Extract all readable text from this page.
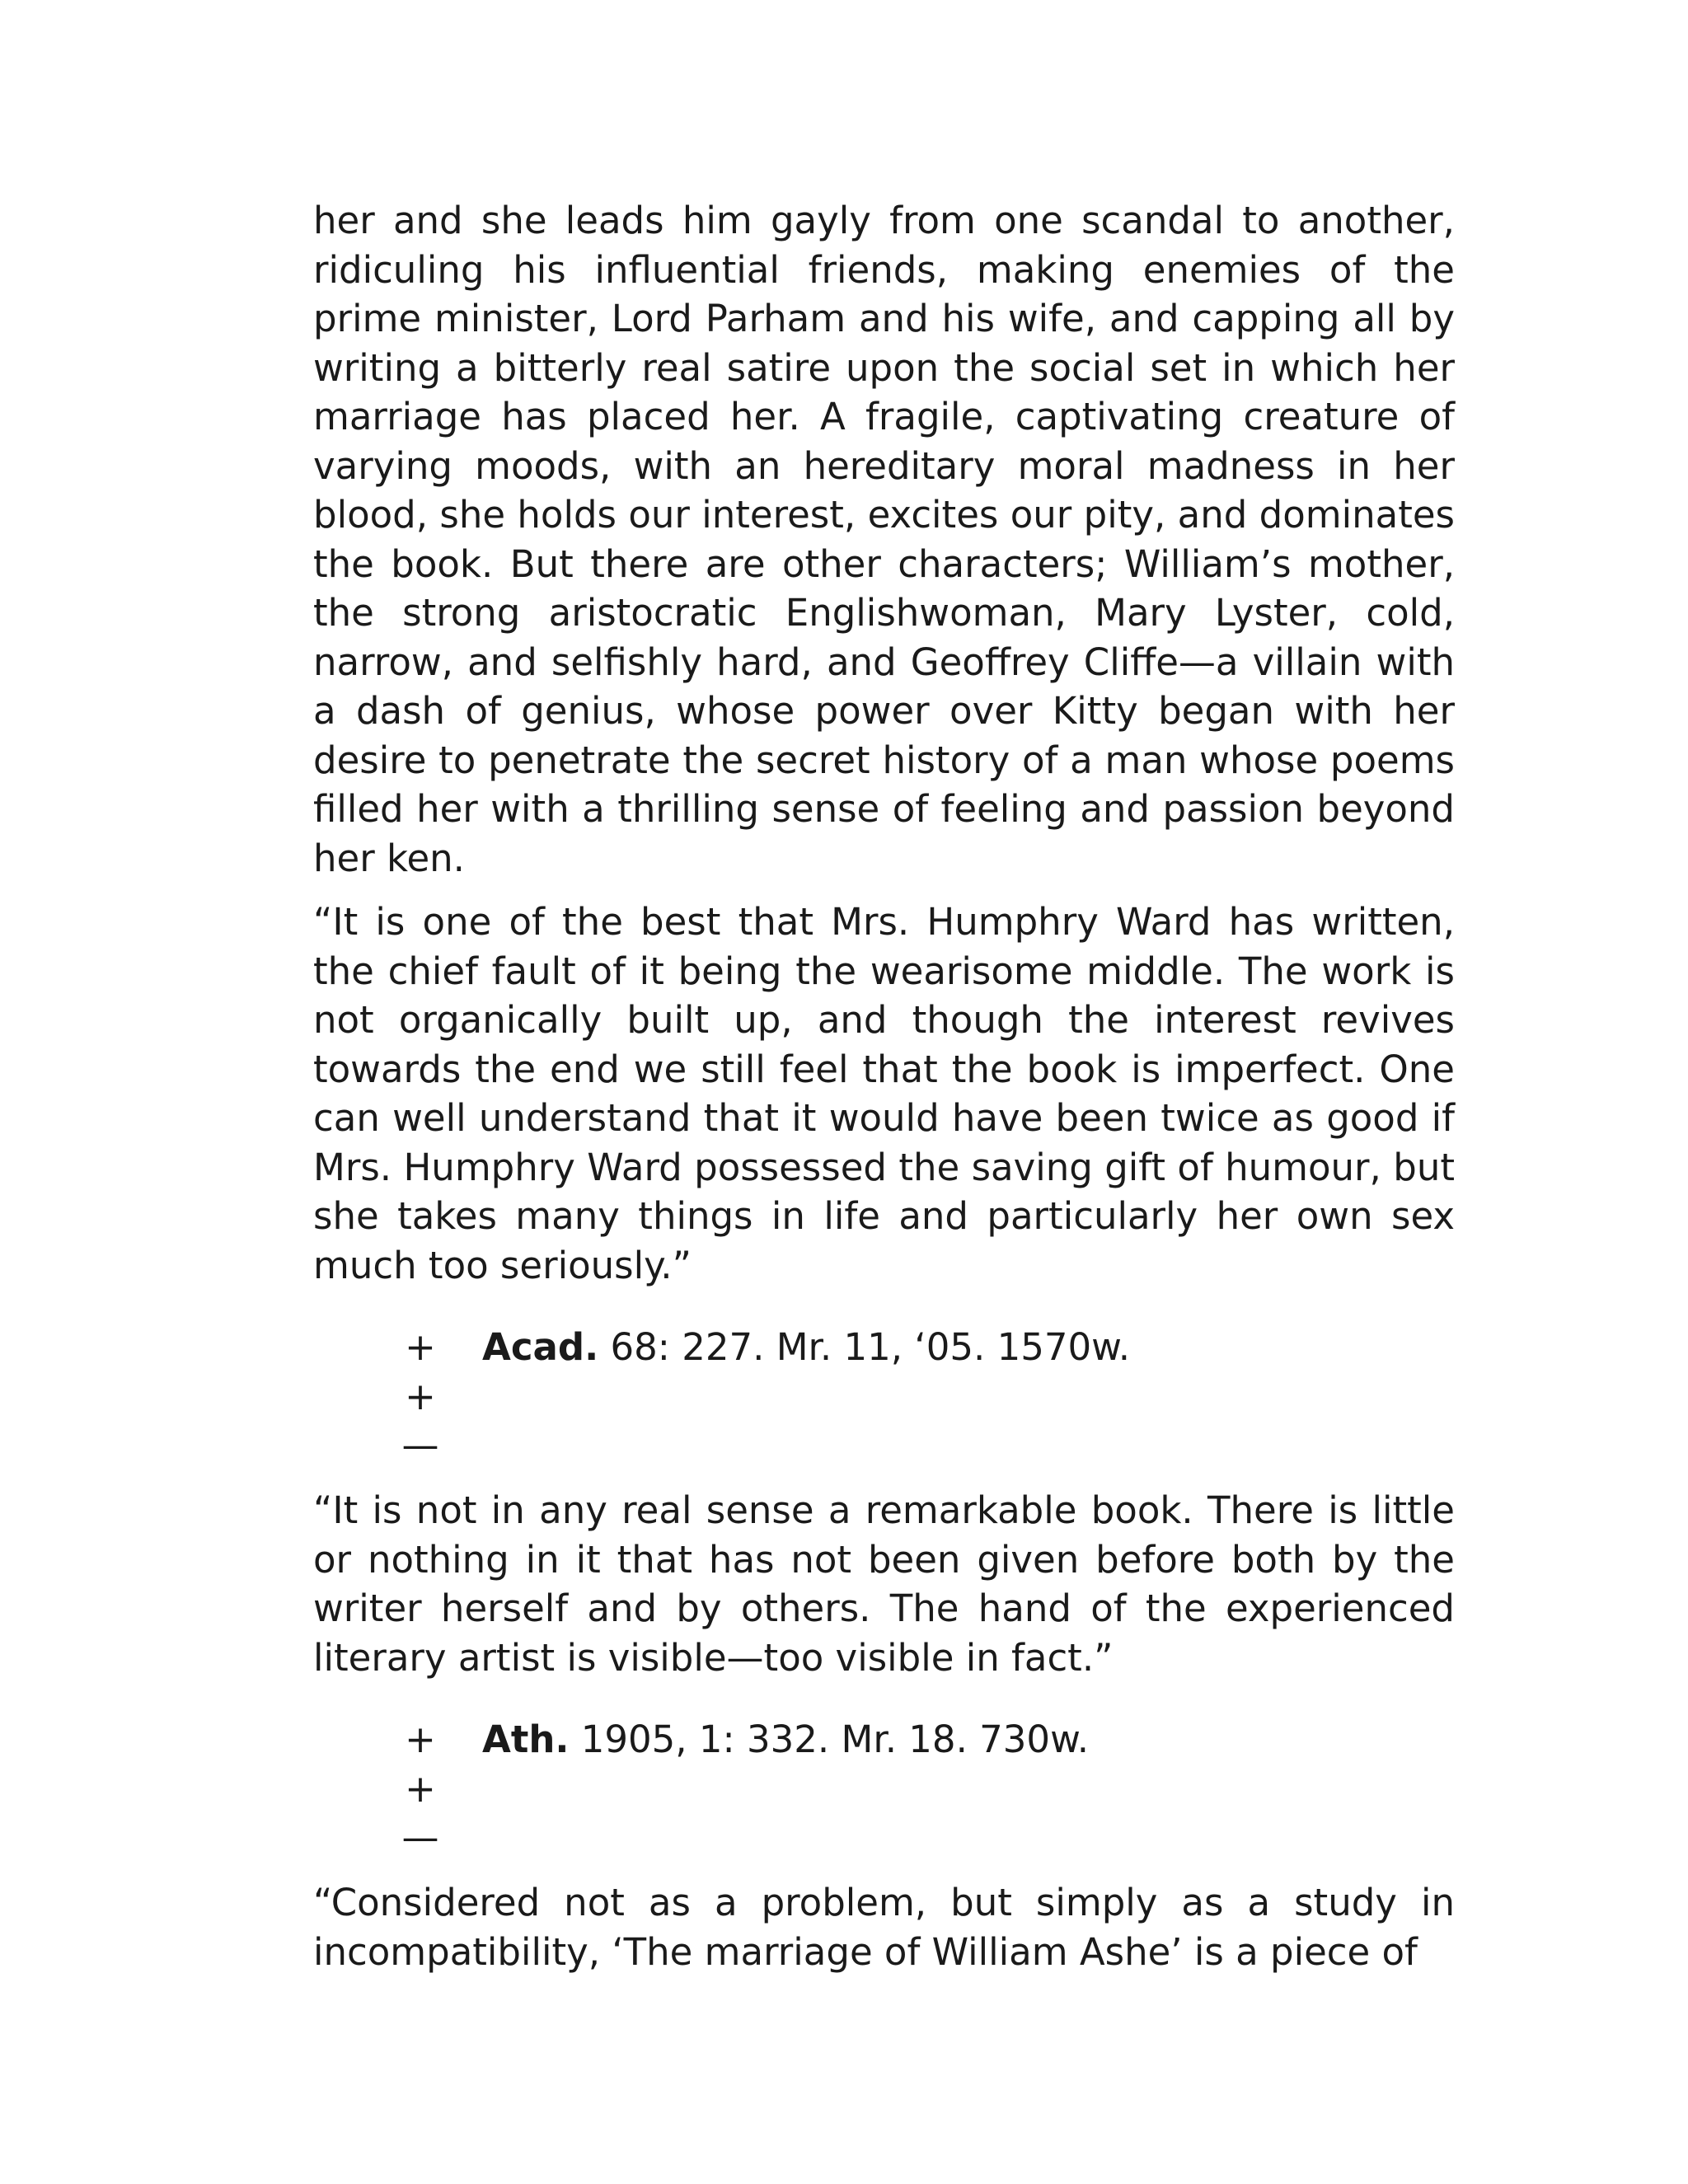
her and she leads him gayly from one scandal to another, ridiculing his influential friends, making enemies of the prime minister, Lord Parham and his wife, and capping all by writing a bitterly real satire upon the social set in which her marriage has placed her. A fragile, captivating creature of varying moods, with an hereditary moral madness in her blood, she holds our interest, excites our pity, and dominates the book. But there are other characters; William’s mother, the strong aristocratic Englishwoman, Mary Lyster, cold, narrow, and selfishly hard, and Geoffrey Cliffe—a villain with a dash of genius, whose power over Kitty began with her desire to penetrate the secret history of a man whose poems filled her with a thrilling sense of feeling and passion beyond her ken.

“It is one of the best that Mrs. Humphry Ward has written, the chief fault of it being the wearisome middle. The work is not organically built up, and though the interest revives towards the end we still feel that the book is imperfect. One can well understand that it would have been twice as good if Mrs. Humphry Ward possessed the saving gift of humour, but she takes many things in life and particularly her own sex much too seriously.”

+
+
—
Acad. 68: 227. Mr. 11, ‘05. 1570w.

“It is not in any real sense a remarkable book. There is little or nothing in it that has not been given before both by the writer herself and by others. The hand of the experienced literary artist is visible—too visible in fact.”

+
+
—
Ath. 1905, 1: 332. Mr. 18. 730w.

“Considered not as a problem, but simply as a study in incompatibility, ‘The marriage of William Ashe’ is a piece of
